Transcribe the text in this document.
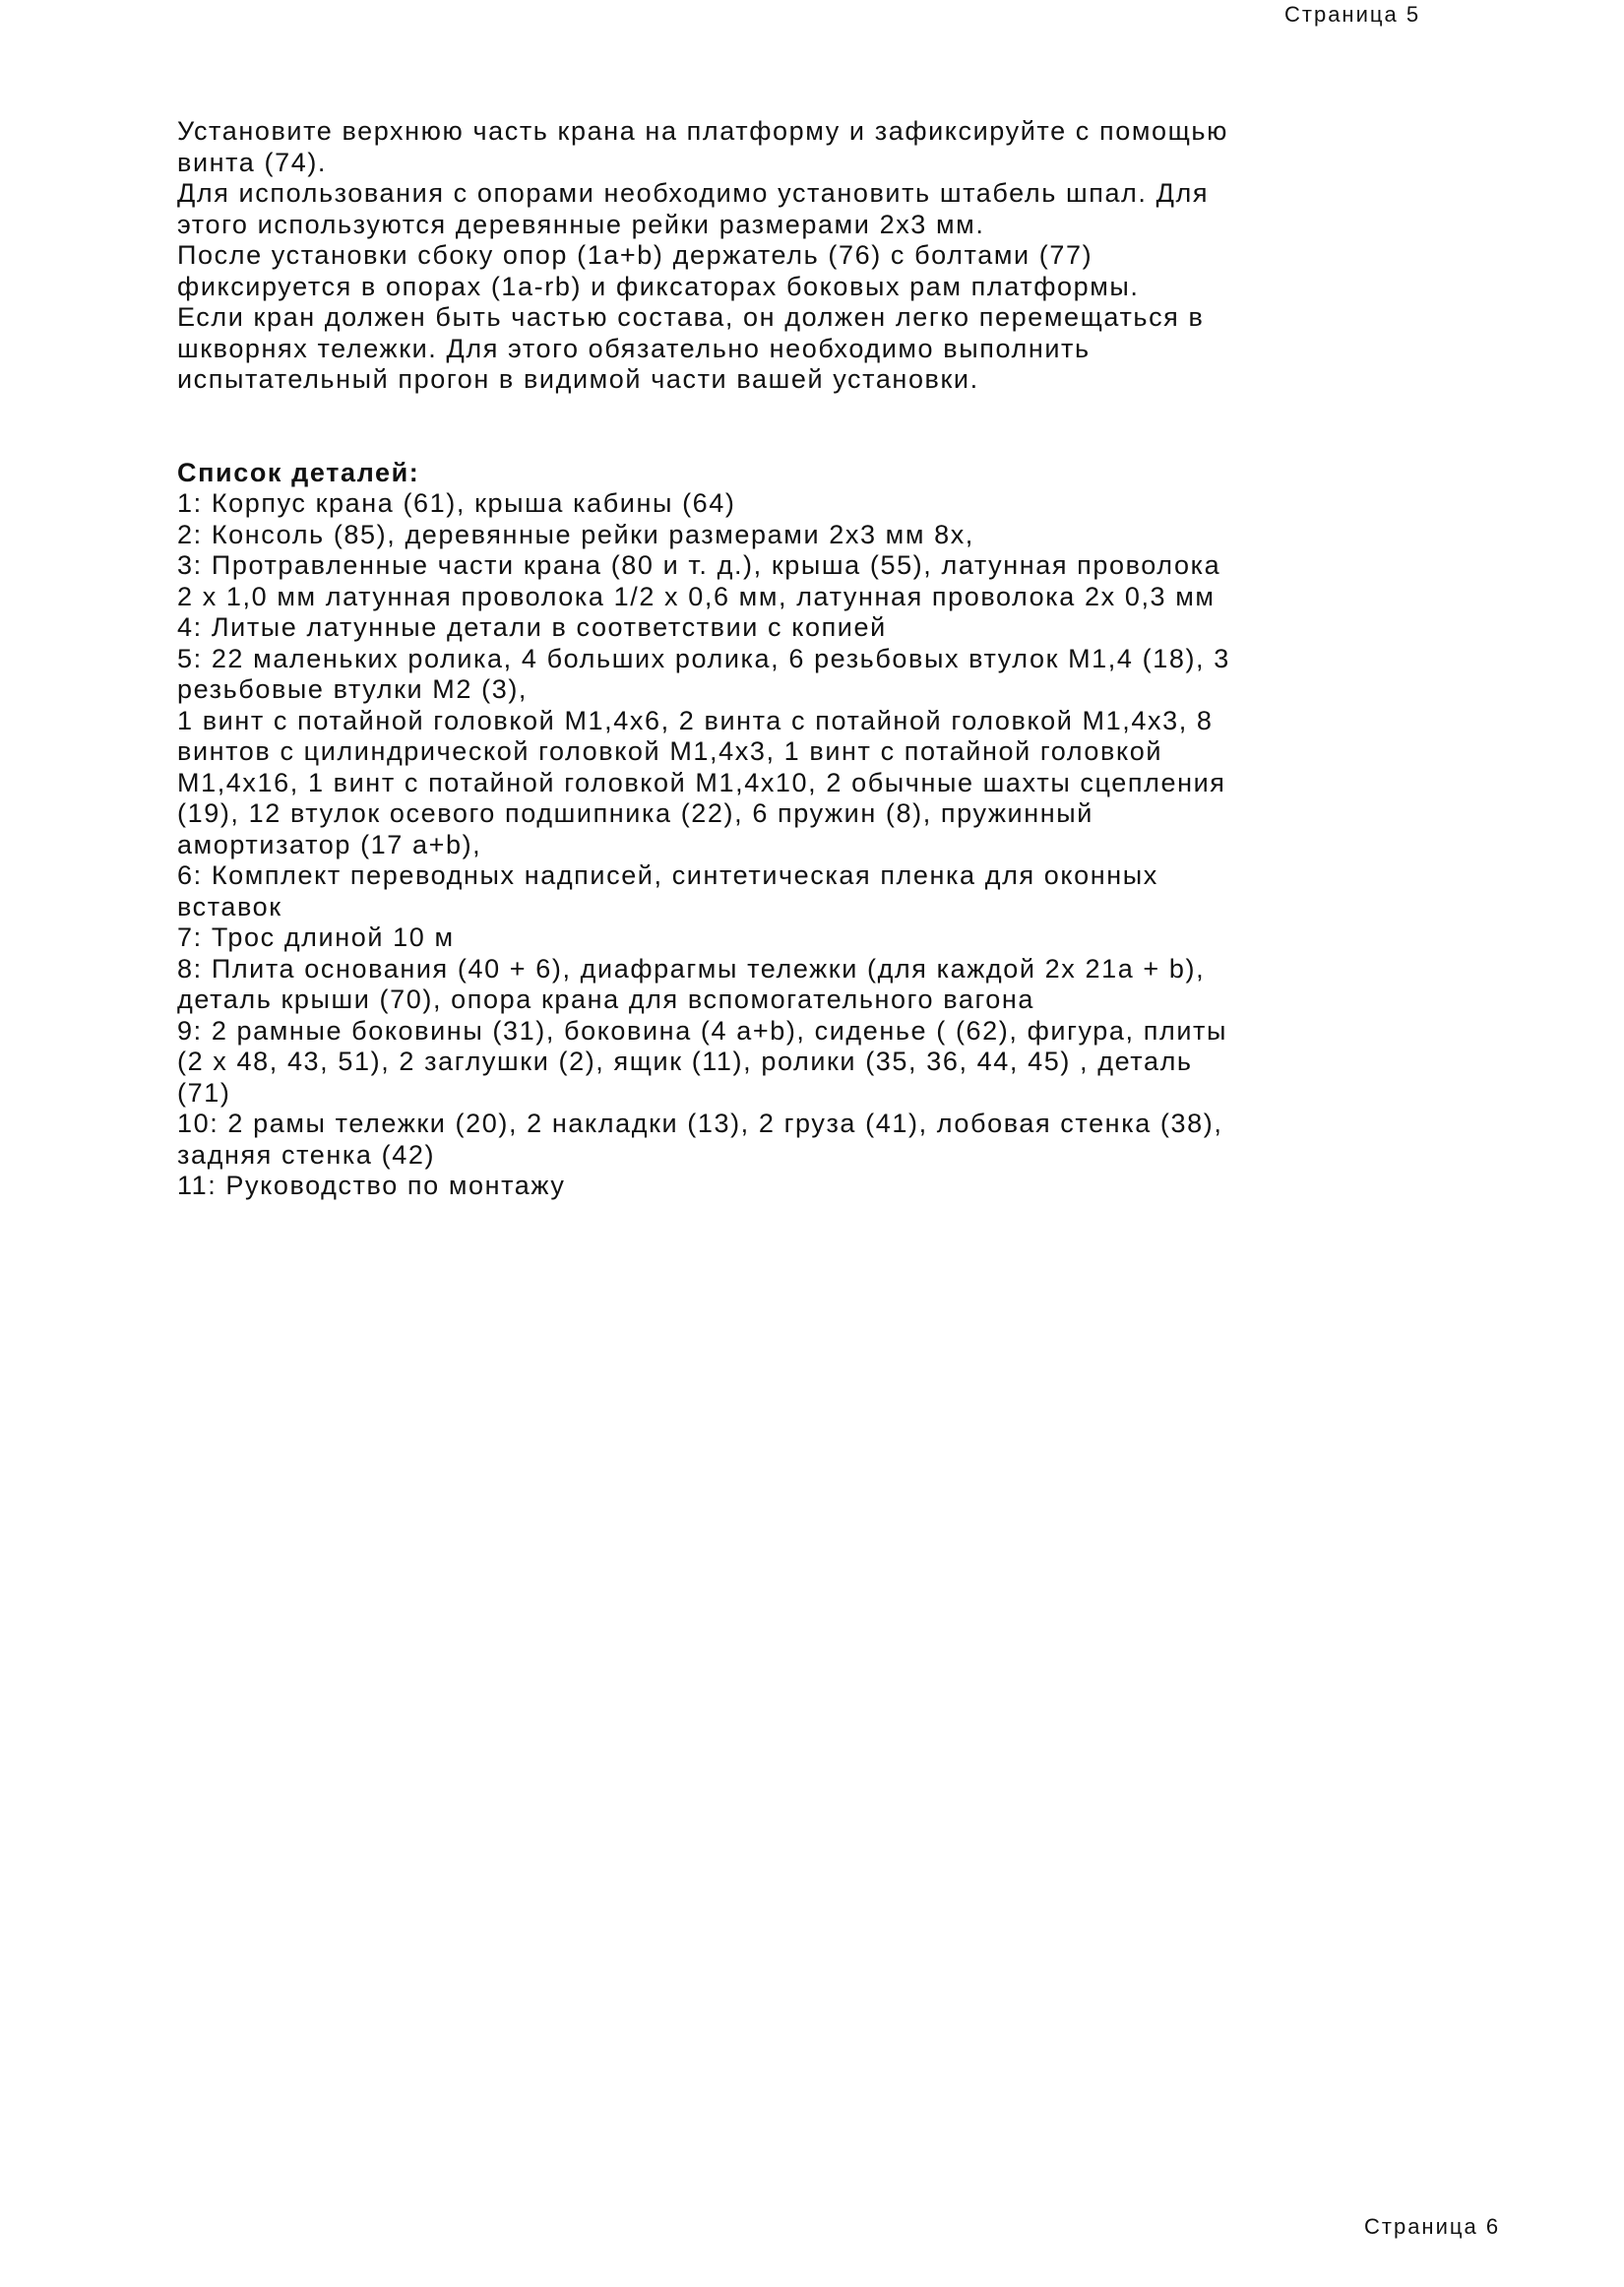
Страница 5
Установите верхнюю часть крана на платформу и зафиксируйте с помощью
винта (74).
Для использования с опорами необходимо установить штабель шпал. Для
этого используются деревянные рейки размерами 2x3 мм.
После установки сбоку опор (1a+b) держатель (76) с болтами (77)
фиксируется в опорах (1a-rb) и фиксаторах боковых рам платформы.
Если кран должен быть частью состава, он должен легко перемещаться в
шкворнях тележки. Для этого обязательно необходимо выполнить
испытательный прогон в видимой части вашей установки.
Список деталей:
1: Корпус крана (61), крыша кабины (64)
2: Консоль (85), деревянные рейки размерами 2x3 мм 8x,
3: Протравленные части крана (80 и т. д.), крыша (55), латунная проволока
2 x 1,0 мм латунная проволока 1/2 x 0,6 мм, латунная проволока 2x 0,3 мм
4: Литые латунные детали в соответствии с копией
5: 22 маленьких ролика, 4 больших ролика, 6 резьбовых втулок M1,4 (18), 3
резьбовые втулки M2 (3),
1 винт с потайной головкой M1,4x6, 2 винта с потайной головкой M1,4x3, 8
винтов с цилиндрической головкой M1,4x3, 1 винт с потайной головкой
M1,4x16, 1 винт с потайной головкой M1,4x10, 2 обычные шахты сцепления
(19), 12 втулок осевого подшипника (22), 6 пружин (8), пружинный
амортизатор (17 a+b),
6: Комплект переводных надписей, синтетическая пленка для оконных
вставок
7: Трос длиной 10 м
8: Плита основания (40 + 6), диафрагмы тележки (для каждой 2x 21a + b),
деталь крыши (70), опора крана для вспомогательного вагона
9: 2 рамные боковины (31), боковина (4 a+b), сиденье ( (62), фигура, плиты
(2 x 48, 43, 51), 2 заглушки (2), ящик (11), ролики (35, 36, 44, 45) , деталь
(71)
10: 2 рамы тележки (20), 2 накладки (13), 2 груза (41), лобовая стенка (38),
задняя стенка (42)
11: Руководство по монтажу
Страница 6
